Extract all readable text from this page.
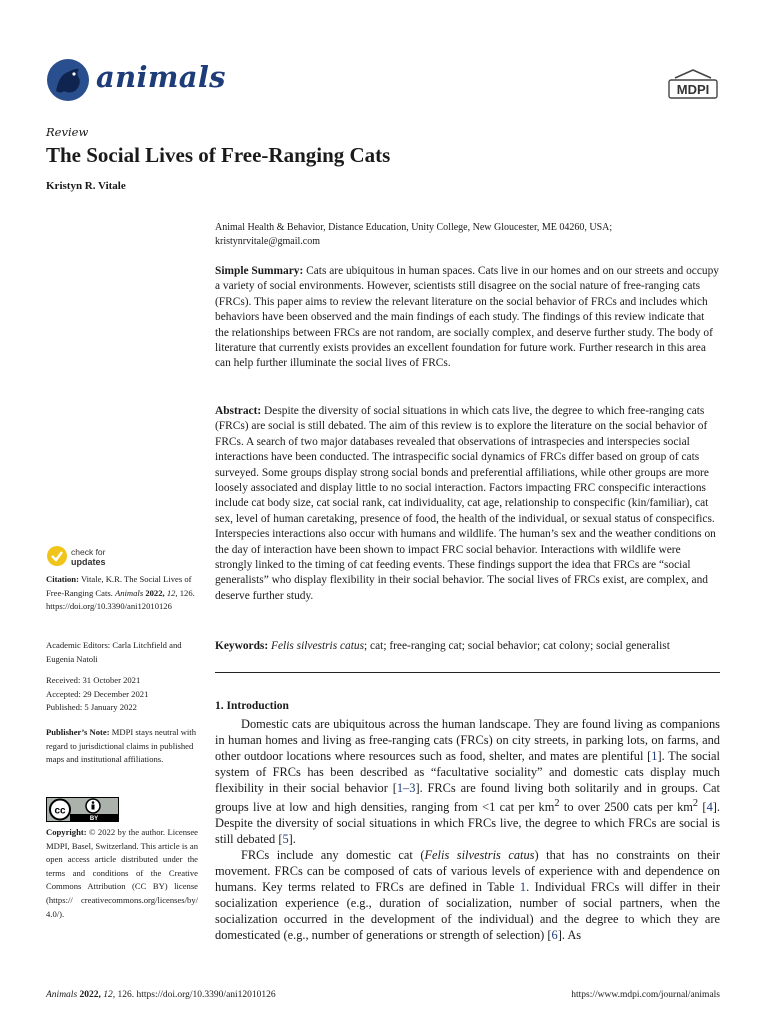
animals	MDPI
Review
The Social Lives of Free-Ranging Cats
Kristyn R. Vitale
Animal Health & Behavior, Distance Education, Unity College, New Gloucester, ME 04260, USA;
kristynrvitale@gmail.com

Simple Summary: Cats are ubiquitous in human spaces. Cats live in our homes and on our streets and occupy a variety of social environments. However, scientists still disagree on the social nature of free-ranging cats (FRCs). This paper aims to review the relevant literature on the social behavior of FRCs and includes which behaviors have been observed and the main findings of each study. The findings of this review indicate that the relationships between FRCs are not random, are socially complex, and deserve further study. The body of literature that currently exists provides an excellent foundation for future work. Further research in this area can help further illuminate the social lives of FRCs.

Abstract: Despite the diversity of social situations in which cats live, the degree to which free-ranging cats (FRCs) are social is still debated. The aim of this review is to explore the literature on the social behavior of FRCs. A search of two major databases revealed that observations of intraspecies and interspecies social interactions have been conducted. The intraspecific social dynamics of FRCs differ based on group of cats surveyed. Some groups display strong social bonds and preferential affiliations, while other groups are more loosely associated and display little to no social interaction. Factors impacting FRC conspecific interactions include cat body size, cat social rank, cat individuality, cat age, relationship to conspecific (kin/familiar), cat sex, level of human caretaking, presence of food, the health of the individual, or sexual status of conspecifics. Interspecies interactions also occur with humans and wildlife. The human’s sex and the weather conditions on the day of interaction have been shown to impact FRC social behavior. Interactions with wildlife were strongly linked to the timing of cat feeding events. These findings support the idea that FRCs are “social generalists” who display flexibility in their social behavior. The social lives of FRCs exist, are complex, and deserve further study.

Keywords: Felis silvestris catus; cat; free-ranging cat; social behavior; cat colony; social generalist

1. Introduction

Domestic cats are ubiquitous across the human landscape. They are found living as companions in human homes and living as free-ranging cats (FRCs) on city streets, in parking lots, on farms, and other outdoor locations where resources such as food, shelter, and mates are plentiful [1]. The social system of FRCs has been described as “facultative sociality” and domestic cats display much flexibility in their social behavior [1–3]. FRCs are found living both solitarily and in groups. Cat groups live at low and high densities, ranging from <1 cat per $km^2$ to over 2500 cats per $km^2$ [4]. Despite the diversity of social situations in which FRCs live, the degree to which FRCs are social is still debated [5].

FRCs include any domestic cat (Felis silvestris catus) that has no constraints on their movement. FRCs can be composed of cats of various levels of experience with and dependence on humans. Key terms related to FRCs are defined in Table 1. Individual FRCs will differ in their socialization experience (e.g., duration of socialization, number of social partners, when the socialization occurred in the development of the individual) and the degree to which they are domesticated (e.g., number of generations or strength of selection) [6]. As

check for
updates

Citation: Vitale, K.R. The Social Lives of Free-Ranging Cats. Animals 2022, 12, 126. https://doi.org/10.3390/ani12010126

Academic Editors: Carla Litchfield and Eugenia Natoli
Received: 31 October 2021
Accepted: 29 December 2021
Published: 5 January 2022

Publisher’s Note: MDPI stays neutral with regard to jurisdictional claims in published maps and institutional affiliations.

cc
BY

Copyright: © 2022 by the author. Licensee MDPI, Basel, Switzerland. This article is an open access article distributed under the terms and conditions of the Creative Commons Attribution (CC BY) license (https:// creativecommons.org/licenses/by/ 4.0/).

Animals 2022, 12, 126. https://doi.org/10.3390/ani12010126	https://www.mdpi.com/journal/animals
